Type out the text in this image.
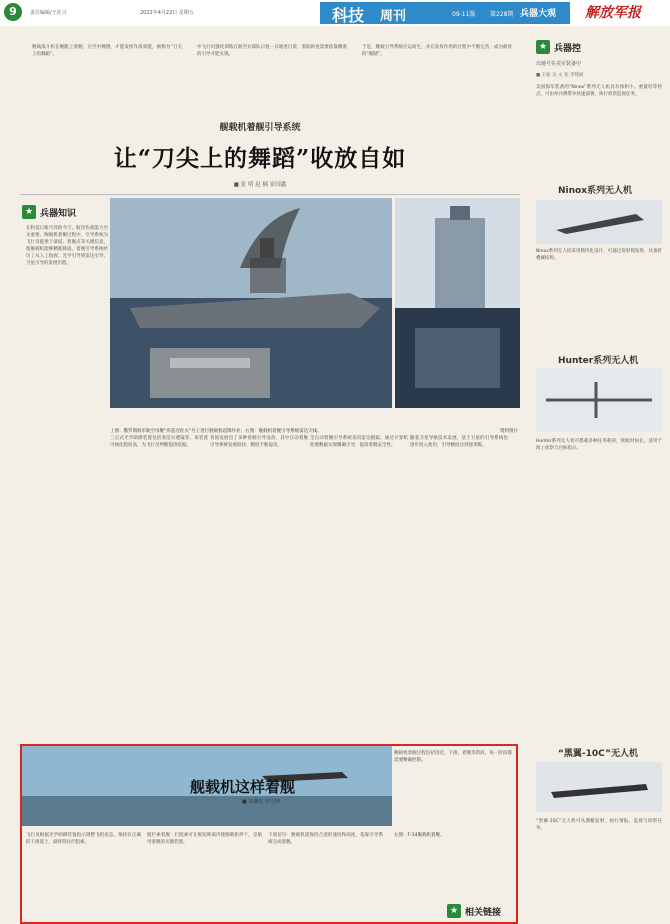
9	责任编辑/王社兴	2022年4月22日 星期五	科技 周刊	09-11版 第228期 兵器大观 解放军报
舰载战斗机在舰艇上着舰，在空中翱翔，才能发挥作战效能，被称为“刀尖上的舞蹈”。
中飞行员强化训练在航空兵部队日复一日地进行着，着陆时也需要依靠精准的引导才能实现。
于是，舰载引导系统应运而生，并在发挥作用的过程中不断完善，成为航母的“眼睛”。
舰载机着舰引导系统
让“刀尖上的舞蹈”收放自如
■ 张 明 赵 楠 崔国鑫
★ 兵器知识
在科技日新月异的今天，航母作战能力至关重要。舰载机着舰过程中，引导系统为飞行员提供下滑道、着舰点等关键信息，使舰载机能够精准降落。着舰引导系统经历了从人工指挥、光学引导到雷达引导、卫星引导的发展历程。
上图：俄罗斯海军航空母舰“库兹涅佐夫”号上进行舰载机起降作业；右图：舰载机着舰引导系统雷达天线。	资料图片
三点式光学助降装置包括菲涅尔透镜等，该装置可视化程度高，为飞行员判断提供依据。
各国发展出了多种着舰引导设备，其中自动着舰引导系统发展较快，精度不断提高。
全自动着舰引导系统采用雷达跟踪，通过计算机处理数据实现精确引导，提高着舰安全性。
随着卫星导航技术发展，基于卫星的引导系统也逐步投入使用，引导精度达到厘米级。
★ 兵器控
出地号在美军装备中
■ 王振 吴 文 张 李翔斌
美国海军装备的“Ninox”系列无人机具有体积小、重量轻等特点，可由单兵携带并快速部署，执行侦察监视任务。
Ninox系列无人机
Ninox系列无人机采用模块化设计，可通过发射筒发射，具备折叠翼结构。
Hunter系列无人机
Hunter系列无人机可搭载多种任务载荷，续航时间长，适用于海上侦察与目标指示。
“黑翼-10C”无人机
“黑翼-10C”无人机可从潜艇发射，执行情报、监视与侦察任务。
舰载机这样着舰
■ 许渊杰 李守坤
舰载机着舰过程包括进近、下滑、着舰等阶段，每一阶段都需要精确控制。
飞行员根据光学助降装置指示调整飞机姿态，保持在正确的下滑道上，最终钩住拦阻索。
阻拦索着舰：拦阻索可在极短距离内使舰载机停下，是航母着舰的关键装置。
下滑信号：舰载机需保持合适的速度和高度，依靠引导系统完成着舰。
左图：F-14舰载机着舰。
★ 相关链接
